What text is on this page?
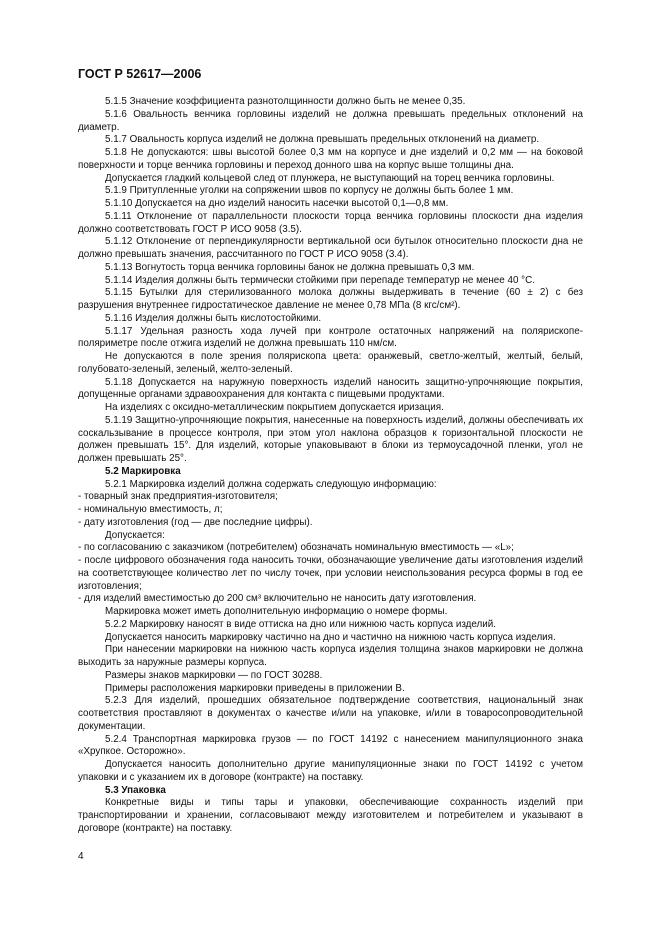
ГОСТ Р 52617—2006

5.1.5 Значение коэффициента разнотолщинности должно быть не менее 0,35.

5.1.6 Овальность венчика горловины изделий не должна превышать предельных отклонений на диаметр.

5.1.7 Овальность корпуса изделий не должна превышать предельных отклонений на диаметр.

5.1.8 Не допускаются: швы высотой более 0,3 мм на корпусе и дне изделий и 0,2 мм — на боковой поверхности и торце венчика горловины и переход донного шва на корпус выше толщины дна.

Допускается гладкий кольцевой след от плунжера, не выступающий на торец венчика горловины.

5.1.9 Притупленные уголки на сопряжении швов по корпусу не должны быть более 1 мм.

5.1.10 Допускается на дно изделий наносить насечки высотой 0,1—0,8 мм.

5.1.11 Отклонение от параллельности плоскости торца венчика горловины плоскости дна изделия должно соответствовать ГОСТ Р ИСО 9058 (3.5).

5.1.12 Отклонение от перпендикулярности вертикальной оси бутылок относительно плоскости дна не должно превышать значения, рассчитанного по ГОСТ Р ИСО 9058 (3.4).

5.1.13 Вогнутость торца венчика горловины банок не должна превышать 0,3 мм.

5.1.14 Изделия должны быть термически стойкими при перепаде температур не менее 40 °C.

5.1.15 Бутылки для стерилизованного молока должны выдерживать в течение (60 ± 2) с без разрушения внутреннее гидростатическое давление не менее 0,78 МПа (8 кгс/см²).

5.1.16 Изделия должны быть кислотостойкими.

5.1.17 Удельная разность хода лучей при контроле остаточных напряжений на полярископе-поляриметре после отжига изделий не должна превышать 110 нм/см.

Не допускаются в поле зрения полярископа цвета: оранжевый, светло-желтый, желтый, белый, голубовато-зеленый, зеленый, желто-зеленый.

5.1.18 Допускается на наружную поверхность изделий наносить защитно-упрочняющие покрытия, допущенные органами здравоохранения для контакта с пищевыми продуктами.

На изделиях с оксидно-металлическим покрытием допускается иризация.

5.1.19 Защитно-упрочняющие покрытия, нанесенные на поверхность изделий, должны обеспечивать их соскальзывание в процессе контроля, при этом угол наклона образцов к горизонтальной плоскости не должен превышать 15°. Для изделий, которые упаковывают в блоки из термоусадочной пленки, угол не должен превышать 25°.

5.2 Маркировка

5.2.1 Маркировка изделий должна содержать следующую информацию:

- товарный знак предприятия-изготовителя;

- номинальную вместимость, л;

- дату изготовления (год — две последние цифры).

Допускается:

- по согласованию с заказчиком (потребителем) обозначать номинальную вместимость — «L»;

- после цифрового обозначения года наносить точки, обозначающие увеличение даты изготовления изделий на соответствующее количество лет по числу точек, при условии неиспользования ресурса формы в год ее изготовления;

- для изделий вместимостью до 200 см³ включительно не наносить дату изготовления.

Маркировка может иметь дополнительную информацию о номере формы.

5.2.2 Маркировку наносят в виде оттиска на дно или нижнюю часть корпуса изделий.

Допускается наносить маркировку частично на дно и частично на нижнюю часть корпуса изделия.

При нанесении маркировки на нижнюю часть корпуса изделия толщина знаков маркировки не должна выходить за наружные размеры корпуса.

Размеры знаков маркировки — по ГОСТ 30288.

Примеры расположения маркировки приведены в приложении В.

5.2.3 Для изделий, прошедших обязательное подтверждение соответствия, национальный знак соответствия проставляют в документах о качестве и/или на упаковке, и/или в товаросопроводительной документации.

5.2.4 Транспортная маркировка грузов — по ГОСТ 14192 с нанесением манипуляционного знака «Хрупкое. Осторожно».

Допускается наносить дополнительно другие манипуляционные знаки по ГОСТ 14192 с учетом упаковки и с указанием их в договоре (контракте) на поставку.

5.3 Упаковка

Конкретные виды и типы тары и упаковки, обеспечивающие сохранность изделий при транспортировании и хранении, согласовывают между изготовителем и потребителем и указывают в договоре (контракте) на поставку.

4
